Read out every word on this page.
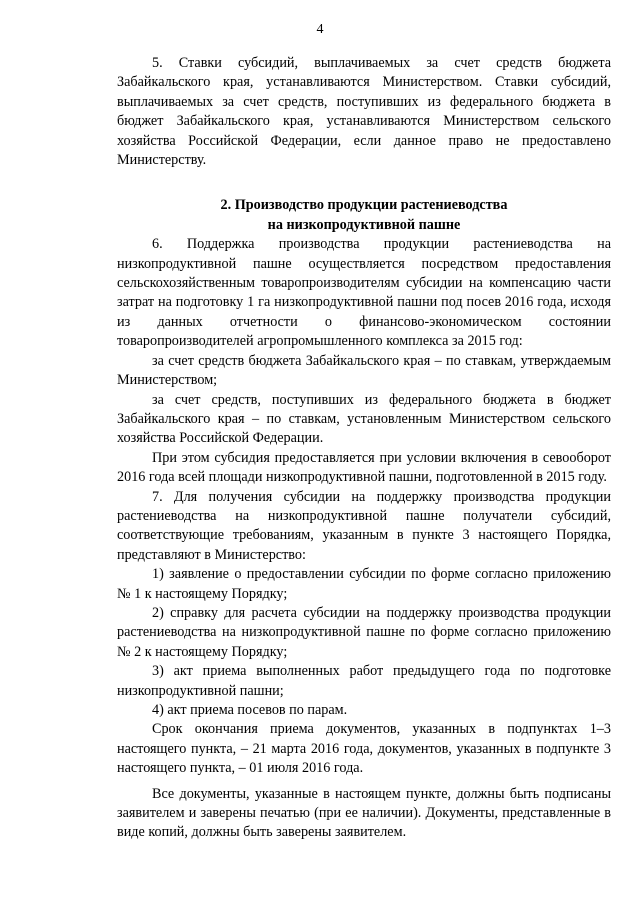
4

5. Ставки субсидий, выплачиваемых за счет средств бюджета Забайкальского края, устанавливаются Министерством. Ставки субсидий, выплачиваемых за счет средств, поступивших из федерального бюджета в бюджет Забайкальского края, устанавливаются Министерством сельского хозяйства Российской Федерации, если данное право не предоставлено Министерству.

2. Производство продукции растениеводства
на низкопродуктивной пашне

6. Поддержка производства продукции растениеводства на низкопродуктивной пашне осуществляется посредством предоставления сельскохозяйственным товаропроизводителям субсидии на компенсацию части затрат на подготовку 1 га низкопродуктивной пашни под посев 2016 года, исходя из данных отчетности о финансово-экономическом состоянии товаропроизводителей агропромышленного комплекса за 2015 год:

за счет средств бюджета Забайкальского края – по ставкам, утверждаемым Министерством;

за счет средств, поступивших из федерального бюджета в бюджет Забайкальского края – по ставкам, установленным Министерством сельского хозяйства Российской Федерации.

При этом субсидия предоставляется при условии включения в севооборот 2016 года всей площади низкопродуктивной пашни, подготовленной в 2015 году.

7. Для получения субсидии на поддержку производства продукции растениеводства на низкопродуктивной пашне получатели субсидий, соответствующие требованиям, указанным в пункте 3 настоящего Порядка, представляют в Министерство:

1) заявление о предоставлении субсидии по форме согласно приложению № 1 к настоящему Порядку;

2) справку для расчета субсидии на поддержку производства продукции растениеводства на низкопродуктивной пашне по форме согласно приложению № 2 к настоящему Порядку;

3) акт приема выполненных работ предыдущего года по подготовке низкопродуктивной пашни;

4) акт приема посевов по парам.

Срок окончания приема документов, указанных в подпунктах 1–3 настоящего пункта, – 21 марта 2016 года, документов, указанных в подпункте 3 настоящего пункта, – 01 июля 2016 года.

Все документы, указанные в настоящем пункте, должны быть подписаны заявителем и заверены печатью (при ее наличии). Документы, представленные в виде копий, должны быть заверены заявителем.
